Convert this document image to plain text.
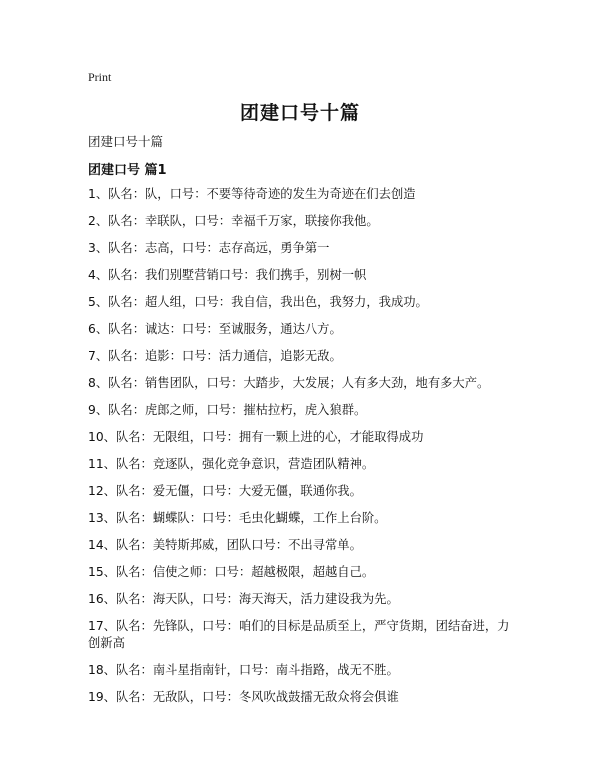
Print
团建口号十篇
团建口号十篇
团建口号 篇1
1、队名：队，口号：不要等待奇迹的发生为奇迹在们去创造
2、队名：幸联队，口号：幸福千万家，联接你我他。
3、队名：志高，口号：志存高远，勇争第一
4、队名：我们别墅营销口号：我们携手，别树一帜
5、队名：超人组，口号：我自信，我出色，我努力，我成功。
6、队名：诚达：口号：至诚服务，通达八方。
7、队名：追影：口号：活力通信，追影无敌。
8、队名：销售团队，口号：大踏步，大发展；人有多大劲，地有多大产。
9、队名：虎郎之师，口号：摧枯拉朽，虎入狼群。
10、队名：无限组，口号：拥有一颗上进的心，才能取得成功
11、队名：竞逐队，强化竞争意识，营造团队精神。
12、队名：爱无僵，口号：大爱无僵，联通你我。
13、队名：蝴蝶队：口号：毛虫化蝴蝶，工作上台阶。
14、队名：美特斯邦威，团队口号：不出寻常单。
15、队名：信使之师：口号：超越极限，超越自己。
16、队名：海天队，口号：海天海天，活力建设我为先。
17、队名：先锋队，口号：咱们的目标是品质至上，严守货期，团结奋进，力创新高
18、队名：南斗星指南针，口号：南斗指路，战无不胜。
19、队名：无敌队，口号：冬风吹战鼓擂无敌众将会俱谁
